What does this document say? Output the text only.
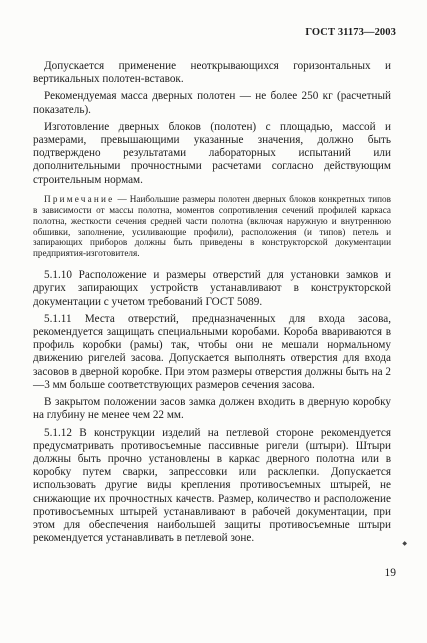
ГОСТ 31173—2003

Допускается применение неоткрывающихся горизонтальных и вертикальных полотен-вставок.

Рекомендуемая масса дверных полотен — не более 250 кг (расчетный показатель).

Изготовление дверных блоков (полотен) с площадью, массой и размерами, превышающими указанные значения, должно быть подтверждено результатами лабораторных испытаний или дополнительными прочностными расчетами согласно действующим строительным нормам.

Примечание — Наибольшие размеры полотен дверных блоков конкретных типов в зависимости от массы полотна, моментов сопротивления сечений профилей каркаса полотна, жесткости сечения средней части полотна (включая наружную и внутреннюю обшивки, заполнение, усиливающие профили), расположения (и типов) петель и запирающих приборов должны быть приведены в конструкторской документации предприятия-изготовителя.

5.1.10 Расположение и размеры отверстий для установки замков и других запирающих устройств устанавливают в конструкторской документации с учетом требований ГОСТ 5089.

5.1.11 Места отверстий, предназначенных для входа засова, рекомендуется защищать специальными коробами. Короба ввариваются в профиль коробки (рамы) так, чтобы они не мешали нормальному движению ригелей засова. Допускается выполнять отверстия для входа засовов в дверной коробке. При этом размеры отверстия должны быть на 2—3 мм больше соответствующих размеров сечения засова.

В закрытом положении засов замка должен входить в дверную коробку на глубину не менее чем 22 мм.

5.1.12 В конструкции изделий на петлевой стороне рекомендуется предусматривать противосъемные пассивные ригели (штыри). Штыри должны быть прочно установлены в каркас дверного полотна или в коробку путем сварки, запрессовки или расклепки. Допускается использовать другие виды крепления противосъемных штырей, не снижающие их прочностных качеств. Размер, количество и расположение противосъемных штырей устанавливают в рабочей документации, при этом для обеспечения наибольшей защиты противосъемные штыри рекомендуется устанавливать в петлевой зоне.	◆
19
